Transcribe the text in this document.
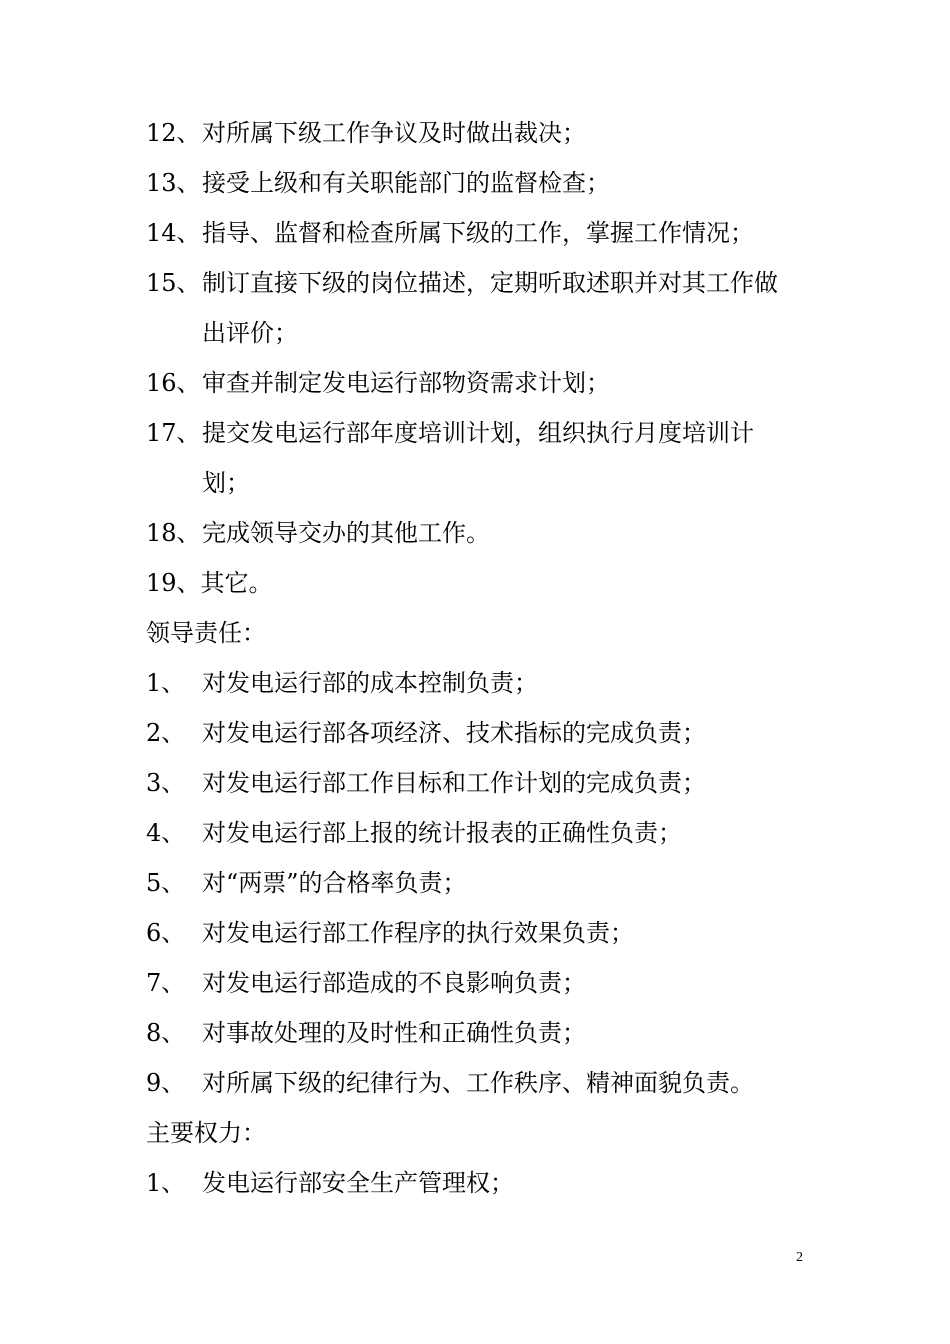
12、 对所属下级工作争议及时做出裁决；
13、 接受上级和有关职能部门的监督检查；
14、 指导、监督和检查所属下级的工作，掌握工作情况；
15、 制订直接下级的岗位描述，定期听取述职并对其工作做
出评价；
16、 审查并制定发电运行部物资需求计划；
17、 提交发电运行部年度培训计划，组织执行月度培训计
划；
18、 完成领导交办的其他工作。
19、其它。
领导责任：
1、 对发电运行部的成本控制负责；
2、 对发电运行部各项经济、技术指标的完成负责；
3、 对发电运行部工作目标和工作计划的完成负责；
4、 对发电运行部上报的统计报表的正确性负责；
5、 对“两票”的合格率负责；
6、 对发电运行部工作程序的执行效果负责；
7、 对发电运行部造成的不良影响负责；
8、 对事故处理的及时性和正确性负责；
9、 对所属下级的纪律行为、工作秩序、精神面貌负责。
主要权力：
1、 发电运行部安全生产管理权；
2
